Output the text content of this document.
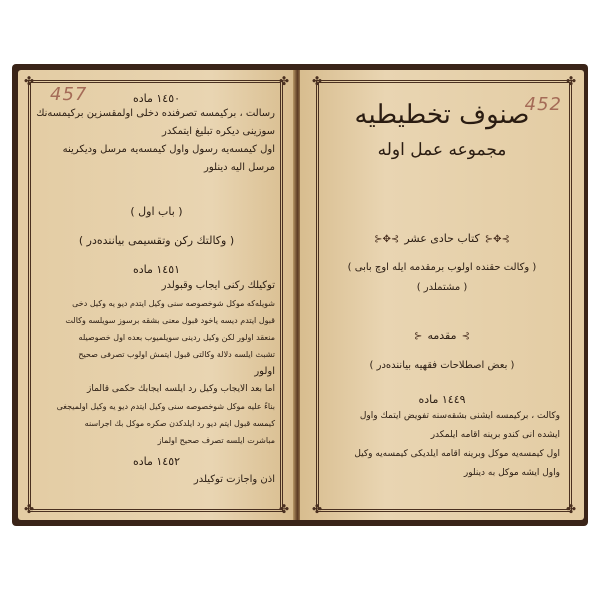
✤	✤
✤	✤
457	١٤٥٠ ماده
رسالت ، برکیمسه تصرفنده دخلی اولمقسزین برکیمسه‌نك
سوزینی دیکره تبلیغ ایتمکدر
اول کیمسه‌یه رسول واول کیمسه‌یه مرسل ودیکرینه
مرسل الیه دینلور
( باب اول )
( وکالتك رکن وتقسیمی بیاننده‌در )
١٤٥١ ماده
توکیلك رکنی ایجاب وقبولدر
شویله‌که موکل شوخصوصه سنی وکیل ایتدم دیو یه وکیل دخی
قبول ایتدم دیسه یاخود قبول معنی بشقه برسوز سویلسه وکالت
منعقد اولور لکن وکیل ردینی سویلمیوب بعده اول خصوصیله
تشبث ایلسه دلالة وکالتی قبول ایتمش اولوب تصرفی صحیح
اولور
اما بعد الایجاب وکیل رد ایلسه ایجابك حکمی قالماز
بناءً علیه موکل شوخصوصه سنی وکیل ایتدم دیو یه وکیل اولمیجغی
کیمسه قبول ایتم دیو رد ایلدکدن صکره موکل بك اجراسنه
مباشرت ایلسه تصرف صحیح اولماز
١٤٥٢ ماده
اذن واجازت توکیلدر
✤	✤
✤	✤
452
صنوف تخطيطيه
مجموعه عمل اوله
⊱✥⊰ کتاب حادی عشر ⊱✥⊰
( وکالت حقنده اولوب برمقدمه ایله اوچ بابی )
( مشتملدر )
⊱ مقدمه ⊰
( بعض اصطلاحات فقهیه بیاننده‌در )
١٤٤٩ ماده
وکالت ، برکیمسه ایشنی بشقه‌سنه تفویض ایتمك واول
ایشده انی کندو برینه اقامه ایلمکدر
اول کیمسه‌یه موکل وبرینه اقامه ایلدیکی کیمسه‌یه وکیل
واول ایشه موکل به دینلور
